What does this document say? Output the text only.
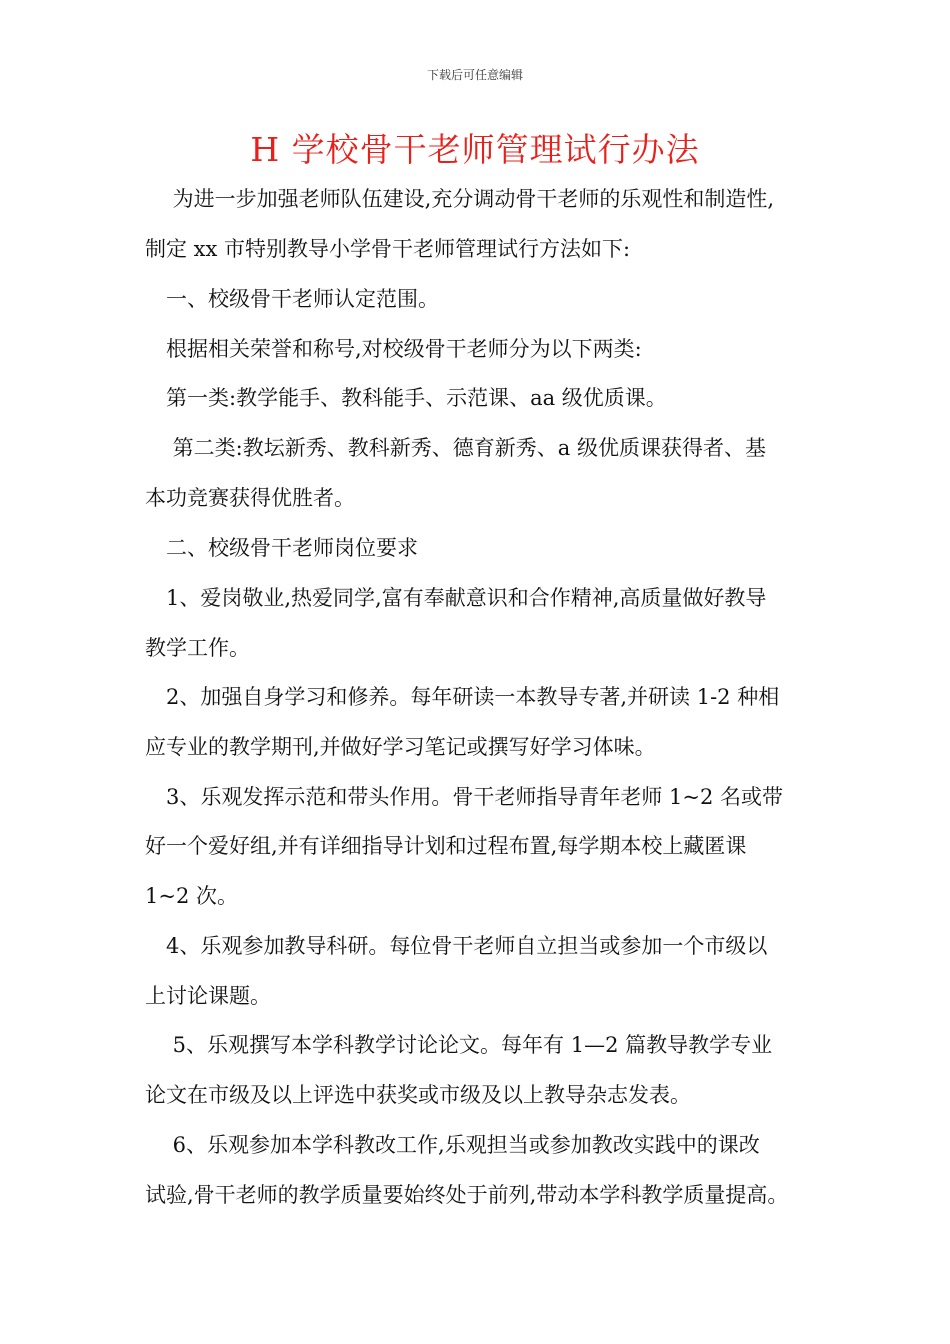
下载后可任意编辑
H 学校骨干老师管理试行办法
　 为进一步加强老师队伍建设,充分调动骨干老师的乐观性和制造性,
制定 xx 市特别教导小学骨干老师管理试行方法如下:
　一、校级骨干老师认定范围。
　根据相关荣誉和称号,对校级骨干老师分为以下两类:
　第一类:教学能手、教科能手、示范课、aa 级优质课。
　 第二类:教坛新秀、教科新秀、德育新秀、a 级优质课获得者、基
本功竞赛获得优胜者。
　二、校级骨干老师岗位要求
　1、爱岗敬业,热爱同学,富有奉献意识和合作精神,高质量做好教导
教学工作。
　2、加强自身学习和修养。每年研读一本教导专著,并研读 1-2 种相
应专业的教学期刊,并做好学习笔记或撰写好学习体味。
　3、乐观发挥示范和带头作用。骨干老师指导青年老师 1~2 名或带
好一个爱好组,并有详细指导计划和过程布置,每学期本校上藏匿课
1~2 次。
　4、乐观参加教导科研。每位骨干老师自立担当或参加一个市级以
上讨论课题。
　 5、乐观撰写本学科教学讨论论文。每年有 1—2 篇教导教学专业
论文在市级及以上评选中获奖或市级及以上教导杂志发表。
　 6、乐观参加本学科教改工作,乐观担当或参加教改实践中的课改
试验,骨干老师的教学质量要始终处于前列,带动本学科教学质量提高。
